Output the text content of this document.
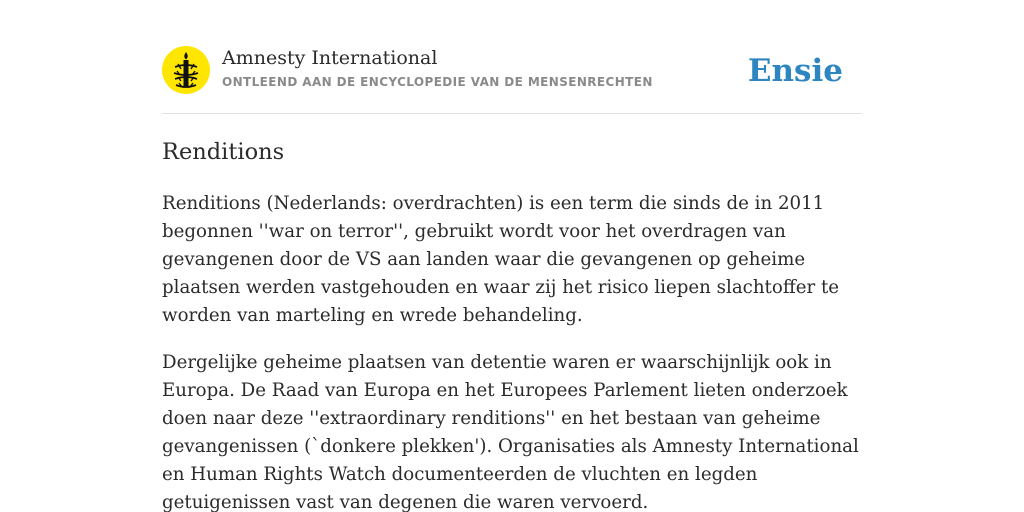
Amnesty International
ONTLEEND AAN DE ENCYCLOPEDIE VAN DE MENSENRECHTEN	Ensie
Renditions

Renditions (Nederlands: overdrachten) is een term die sinds de in 2011 begonnen ''war on terror'', gebruikt wordt voor het overdragen van gevangenen door de VS aan landen waar die gevangenen op geheime plaatsen werden vastgehouden en waar zij het risico liepen slachtoffer te worden van marteling en wrede behandeling.

Dergelijke geheime plaatsen van detentie waren er waarschijnlijk ook in Europa. De Raad van Europa en het Europees Parlement lieten onderzoek doen naar deze ''extraordinary renditions'' en het bestaan van geheime gevangenissen (`donkere plekken'). Organisaties als Amnesty International en Human Rights Watch documenteerden de vluchten en legden getuigenissen vast van degenen die waren vervoerd.
